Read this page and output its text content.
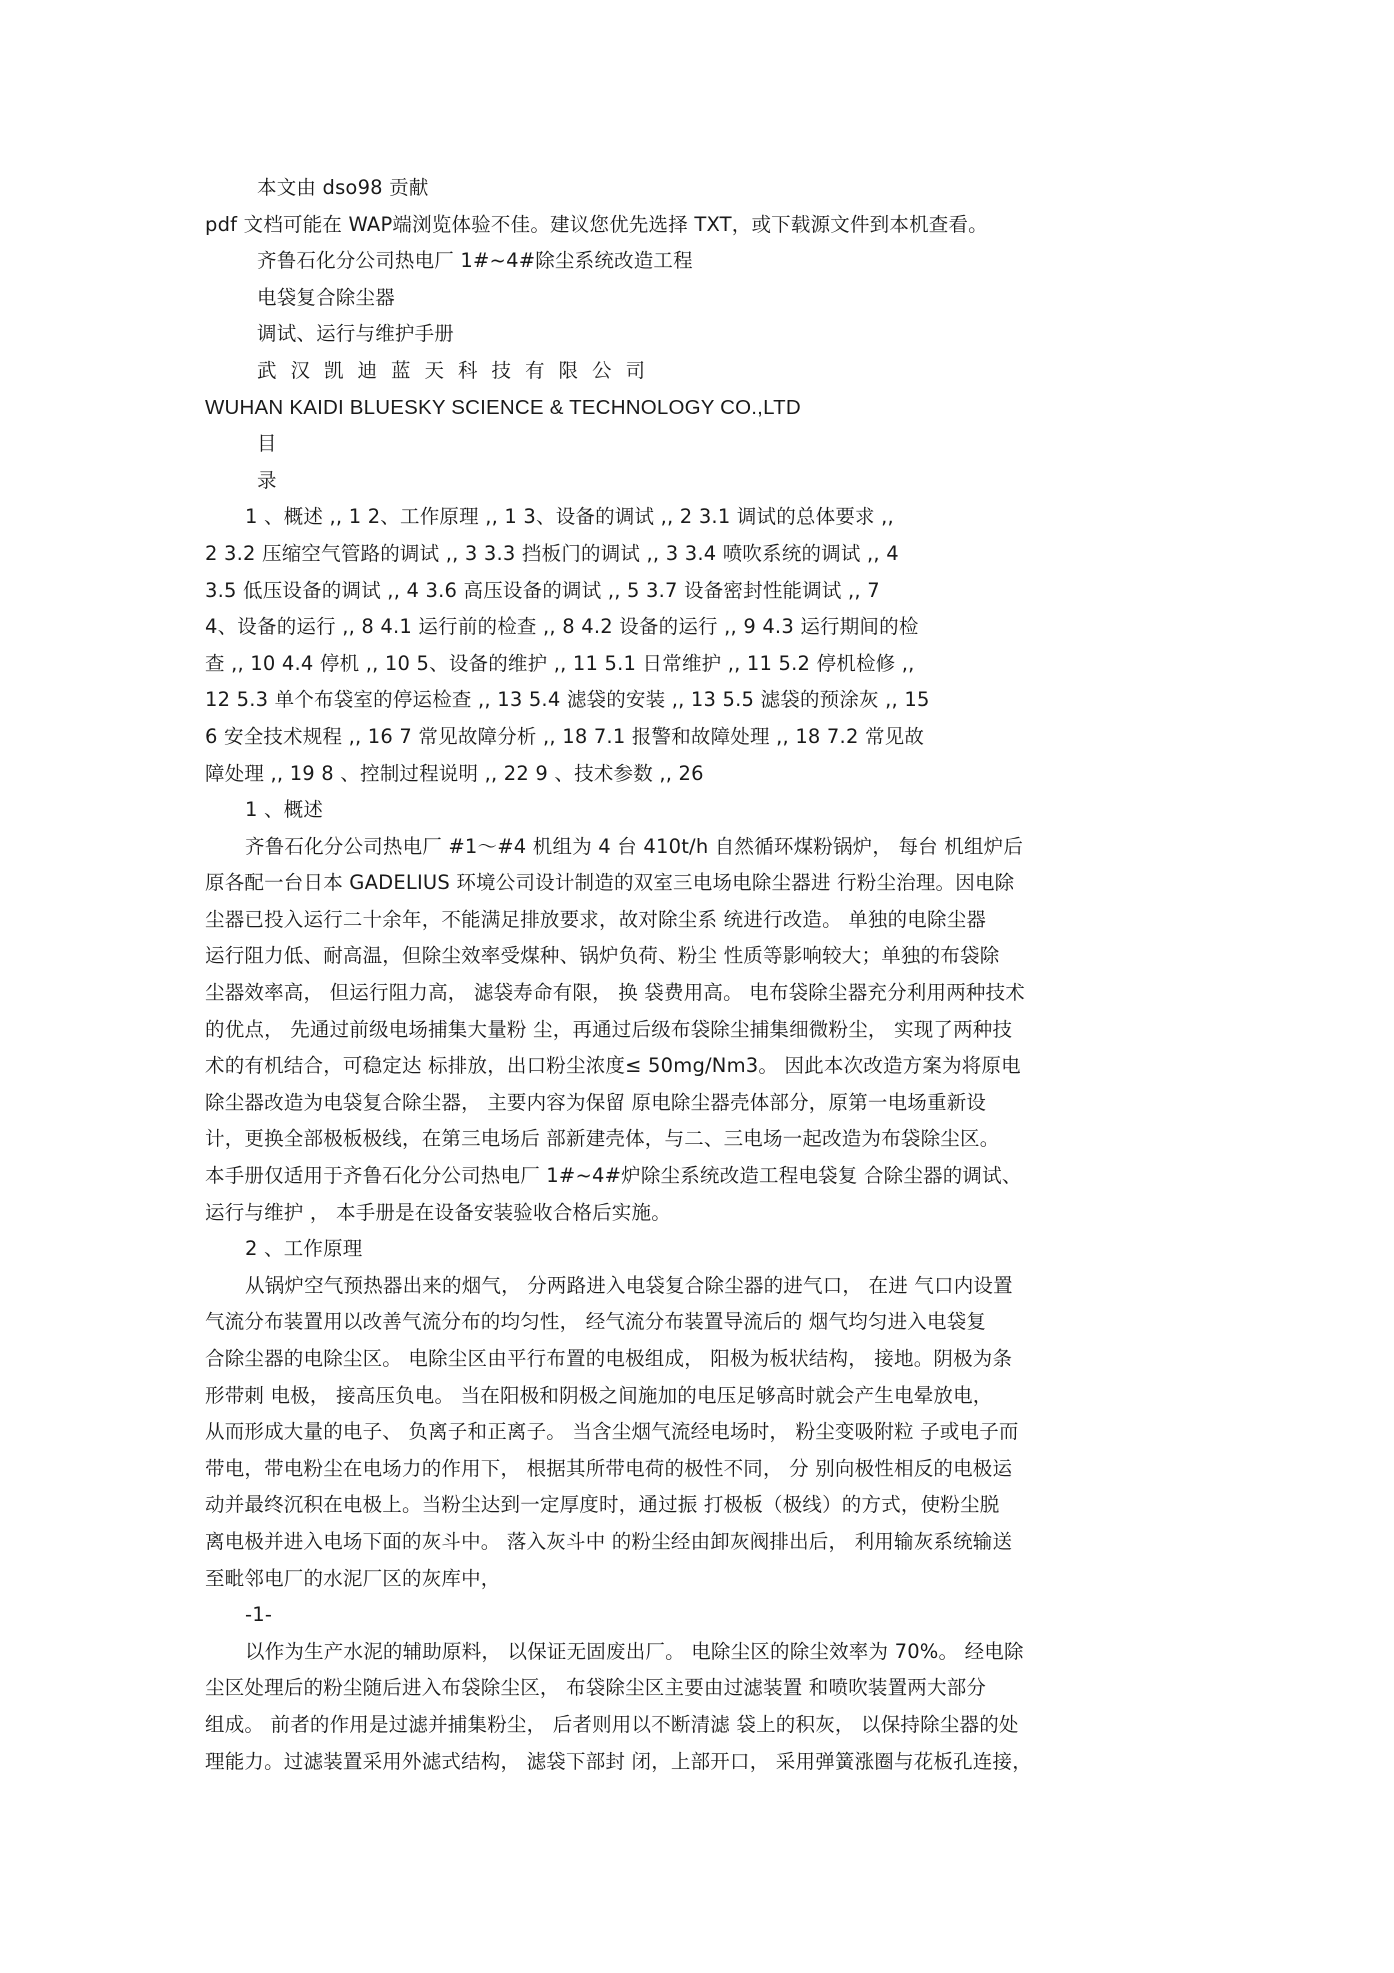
本文由 dso98 贡献
pdf 文档可能在 WAP端浏览体验不佳。建议您优先选择 TXT，或下载源文件到本机查看。
齐鲁石化分公司热电厂 1#~4#除尘系统改造工程
电袋复合除尘器
调试、运行与维护手册
武汉凯迪蓝天科技有限公司
WUHAN KAIDI BLUESKY SCIENCE & TECHNOLOGY CO.,LTD
目
录
1 、概述 ,, 1 2、工作原理 ,, 1 3、设备的调试 ,, 2 3.1 调试的总体要求 ,,
2 3.2 压缩空气管路的调试 ,, 3 3.3 挡板门的调试 ,, 3 3.4 喷吹系统的调试 ,, 4
3.5 低压设备的调试 ,, 4 3.6 高压设备的调试 ,, 5 3.7 设备密封性能调试 ,, 7
4、设备的运行 ,, 8 4.1 运行前的检查 ,, 8 4.2 设备的运行 ,, 9 4.3 运行期间的检
查 ,, 10 4.4 停机 ,, 10 5、设备的维护 ,, 11 5.1 日常维护 ,, 11 5.2 停机检修 ,,
12 5.3 单个布袋室的停运检查 ,, 13 5.4 滤袋的安装 ,, 13 5.5 滤袋的预涂灰 ,, 15
6 安全技术规程 ,, 16 7 常见故障分析 ,, 18 7.1 报警和故障处理 ,, 18 7.2 常见故
障处理 ,, 19 8 、控制过程说明 ,, 22 9 、技术参数 ,, 26
1 、概述
齐鲁石化分公司热电厂 #1～#4 机组为 4 台 410t/h 自然循环煤粉锅炉， 每台 机组炉后
原各配一台日本 GADELIUS 环境公司设计制造的双室三电场电除尘器进 行粉尘治理。因电除
尘器已投入运行二十余年，不能满足排放要求，故对除尘系 统进行改造。 单独的电除尘器
运行阻力低、耐高温，但除尘效率受煤种、锅炉负荷、粉尘 性质等影响较大；单独的布袋除
尘器效率高， 但运行阻力高， 滤袋寿命有限， 换 袋费用高。 电布袋除尘器充分利用两种技术
的优点， 先通过前级电场捕集大量粉 尘，再通过后级布袋除尘捕集细微粉尘， 实现了两种技
术的有机结合，可稳定达 标排放，出口粉尘浓度≤ 50mg/Nm3。 因此本次改造方案为将原电
除尘器改造为电袋复合除尘器， 主要内容为保留 原电除尘器壳体部分，原第一电场重新设
计，更换全部极板极线，在第三电场后 部新建壳体，与二、三电场一起改造为布袋除尘区。
本手册仅适用于齐鲁石化分公司热电厂 1#~4#炉除尘系统改造工程电袋复 合除尘器的调试、
运行与维护 ， 本手册是在设备安装验收合格后实施。
2 、工作原理
从锅炉空气预热器出来的烟气， 分两路进入电袋复合除尘器的进气口， 在进 气口内设置
气流分布装置用以改善气流分布的均匀性， 经气流分布装置导流后的 烟气均匀进入电袋复
合除尘器的电除尘区。 电除尘区由平行布置的电极组成， 阳极为板状结构， 接地。阴极为条
形带刺 电极， 接高压负电。 当在阳极和阴极之间施加的电压足够高时就会产生电晕放电，
从而形成大量的电子、 负离子和正离子。 当含尘烟气流经电场时， 粉尘变吸附粒 子或电子而
带电，带电粉尘在电场力的作用下， 根据其所带电荷的极性不同， 分 别向极性相反的电极运
动并最终沉积在电极上。当粉尘达到一定厚度时，通过振 打极板（极线）的方式，使粉尘脱
离电极并进入电场下面的灰斗中。 落入灰斗中 的粉尘经由卸灰阀排出后， 利用输灰系统输送
至毗邻电厂的水泥厂区的灰库中，
-1-
以作为生产水泥的辅助原料， 以保证无固废出厂。 电除尘区的除尘效率为 70%。 经电除
尘区处理后的粉尘随后进入布袋除尘区， 布袋除尘区主要由过滤装置 和喷吹装置两大部分
组成。 前者的作用是过滤并捕集粉尘， 后者则用以不断清滤 袋上的积灰， 以保持除尘器的处
理能力。过滤装置采用外滤式结构， 滤袋下部封 闭，上部开口， 采用弹簧涨圈与花板孔连接，
